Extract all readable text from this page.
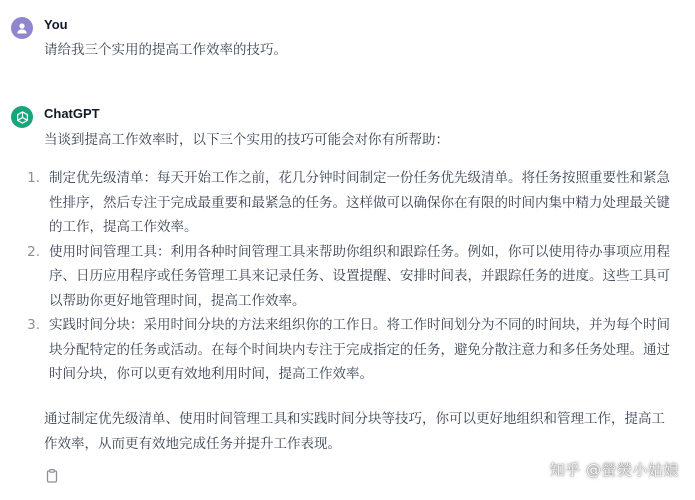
You
请给我三个实用的提高工作效率的技巧。
ChatGPT
当谈到提高工作效率时，以下三个实用的技巧可能会对你有所帮助：
1. 制定优先级清单：每天开始工作之前，花几分钟时间制定一份任务优先级清单。将任务按照重要性和紧急性排序，然后专注于完成最重要和最紧急的任务。这样做可以确保你在有限的时间内集中精力处理最关键的工作，提高工作效率。
2. 使用时间管理工具：利用各种时间管理工具来帮助你组织和跟踪任务。例如，你可以使用待办事项应用程序、日历应用程序或任务管理工具来记录任务、设置提醒、安排时间表，并跟踪任务的进度。这些工具可以帮助你更好地管理时间，提高工作效率。
3. 实践时间分块：采用时间分块的方法来组织你的工作日。将工作时间划分为不同的时间块，并为每个时间块分配特定的任务或活动。在每个时间块内专注于完成指定的任务，避免分散注意力和多任务处理。通过时间分块，你可以更有效地利用时间，提高工作效率。
通过制定优先级清单、使用时间管理工具和实践时间分块等技巧，你可以更好地组织和管理工作，提高工作效率，从而更有效地完成任务并提升工作表现。
知乎 @螢熒小姑娘
